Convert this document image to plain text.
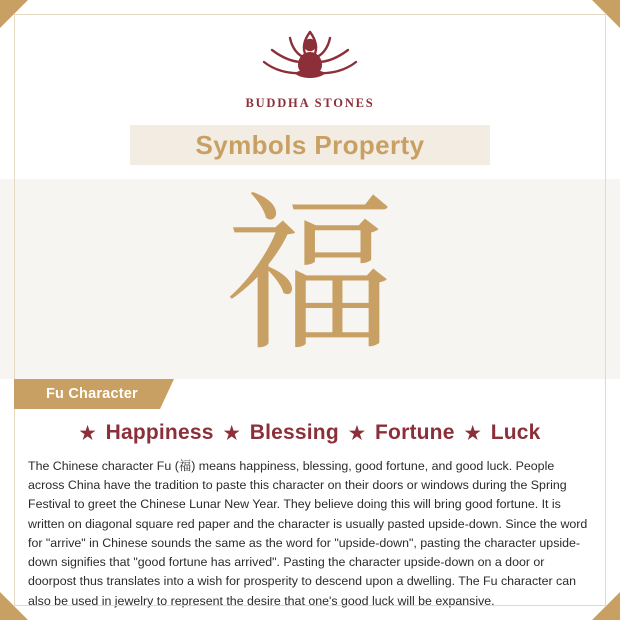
BUDDHA STONES
Symbols Property
福
Fu Character
★ Happiness ★ Blessing ★ Fortune ★ Luck
The Chinese character Fu (福) means happiness, blessing, good fortune, and good luck. People across China have the tradition to paste this character on their doors or windows during the Spring Festival to greet the Chinese Lunar New Year. They believe doing this will bring good fortune. It is written on diagonal square red paper and the character is usually pasted upside-down. Since the word for "arrive" in Chinese sounds the same as the word for "upside-down", pasting the character upside-down signifies that "good fortune has arrived". Pasting the character upside-down on a door or doorpost thus translates into a wish for prosperity to descend upon a dwelling. The Fu character can also be used in jewelry to represent the desire that one's good luck will be expansive.
